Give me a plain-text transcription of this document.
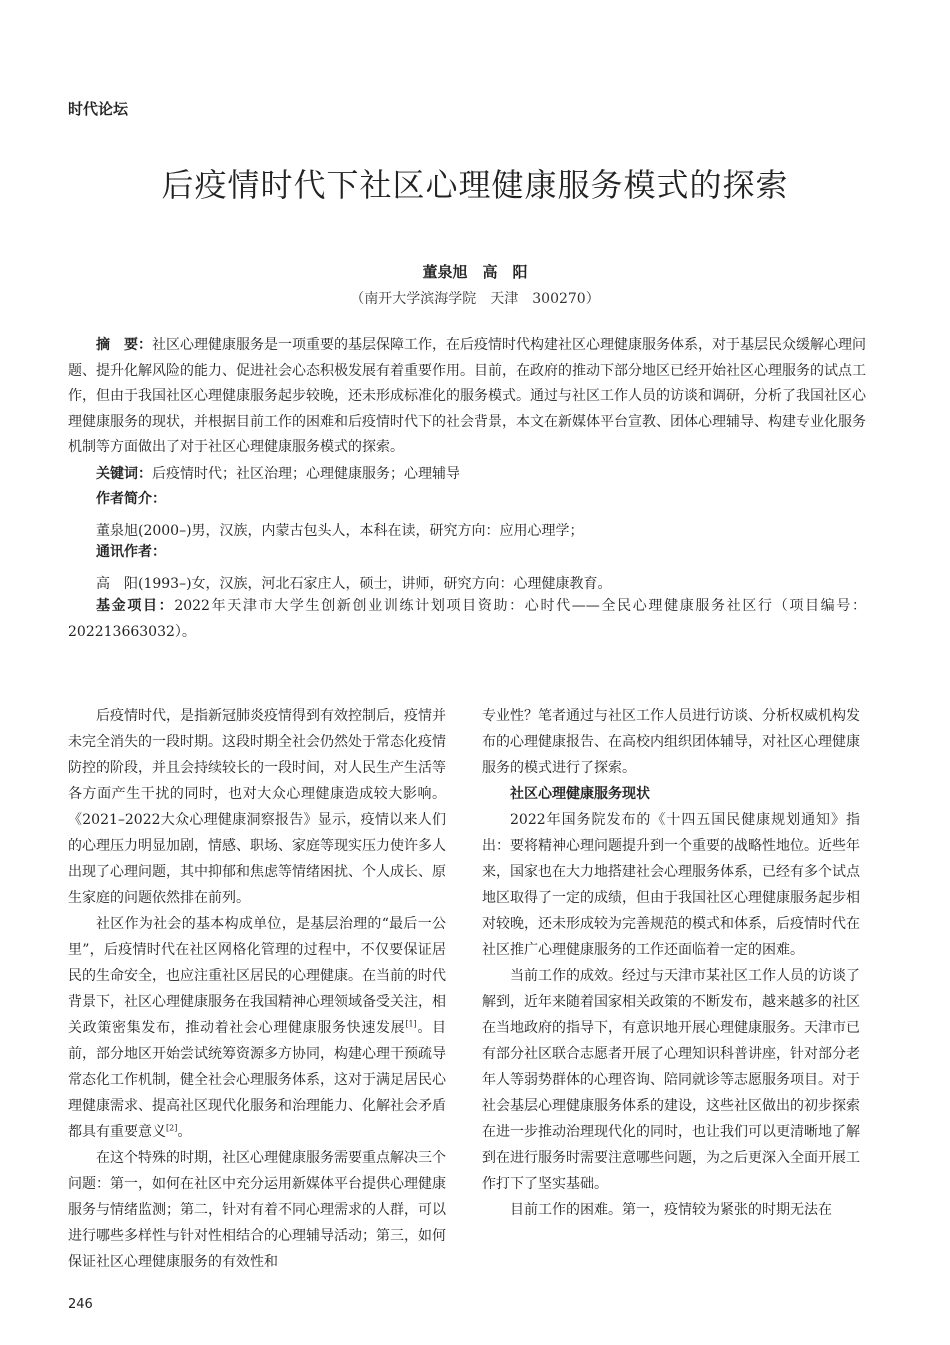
时代论坛
后疫情时代下社区心理健康服务模式的探索
董泉旭　高　阳
（南开大学滨海学院　天津　300270）
摘　要：社区心理健康服务是一项重要的基层保障工作，在后疫情时代构建社区心理健康服务体系，对于基层民众缓解心理问题、提升化解风险的能力、促进社会心态积极发展有着重要作用。目前，在政府的推动下部分地区已经开始社区心理服务的试点工作，但由于我国社区心理健康服务起步较晚，还未形成标准化的服务模式。通过与社区工作人员的访谈和调研，分析了我国社区心理健康服务的现状，并根据目前工作的困难和后疫情时代下的社会背景，本文在新媒体平台宣教、团体心理辅导、构建专业化服务机制等方面做出了对于社区心理健康服务模式的探索。
关键词：后疫情时代；社区治理；心理健康服务；心理辅导
作者简介：
董泉旭(2000–)男，汉族，内蒙古包头人，本科在读，研究方向：应用心理学；
通讯作者：
高　阳(1993–)女，汉族，河北石家庄人，硕士，讲师，研究方向：心理健康教育。
基金项目：2022年天津市大学生创新创业训练计划项目资助：心时代——全民心理健康服务社区行（项目编号：202213663032）。

后疫情时代，是指新冠肺炎疫情得到有效控制后，疫情并未完全消失的一段时期。这段时期全社会仍然处于常态化疫情防控的阶段，并且会持续较长的一段时间，对人民生产生活等各方面产生干扰的同时，也对大众心理健康造成较大影响。《2021–2022大众心理健康洞察报告》显示，疫情以来人们的心理压力明显加剧，情感、职场、家庭等现实压力使许多人出现了心理问题，其中抑郁和焦虑等情绪困扰、个人成长、原生家庭的问题依然排在前列。

社区作为社会的基本构成单位，是基层治理的“最后一公里”，后疫情时代在社区网格化管理的过程中，不仅要保证居民的生命安全，也应注重社区居民的心理健康。在当前的时代背景下，社区心理健康服务在我国精神心理领域备受关注，相关政策密集发布，推动着社会心理健康服务快速发展[1]。目前，部分地区开始尝试统筹资源多方协同，构建心理干预疏导常态化工作机制，健全社会心理服务体系，这对于满足居民心理健康需求、提高社区现代化服务和治理能力、化解社会矛盾都具有重要意义[2]。

在这个特殊的时期，社区心理健康服务需要重点解决三个问题：第一，如何在社区中充分运用新媒体平台提供心理健康服务与情绪监测；第二，针对有着不同心理需求的人群，可以进行哪些多样性与针对性相结合的心理辅导活动；第三，如何保证社区心理健康服务的有效性和

专业性？笔者通过与社区工作人员进行访谈、分析权威机构发布的心理健康报告、在高校内组织团体辅导，对社区心理健康服务的模式进行了探索。

社区心理健康服务现状

2022年国务院发布的《十四五国民健康规划通知》指出：要将精神心理问题提升到一个重要的战略性地位。近些年来，国家也在大力地搭建社会心理服务体系，已经有多个试点地区取得了一定的成绩，但由于我国社区心理健康服务起步相对较晚，还未形成较为完善规范的模式和体系，后疫情时代在社区推广心理健康服务的工作还面临着一定的困难。

当前工作的成效。经过与天津市某社区工作人员的访谈了解到，近年来随着国家相关政策的不断发布，越来越多的社区在当地政府的指导下，有意识地开展心理健康服务。天津市已有部分社区联合志愿者开展了心理知识科普讲座，针对部分老年人等弱势群体的心理咨询、陪同就诊等志愿服务项目。对于社会基层心理健康服务体系的建设，这些社区做出的初步探索在进一步推动治理现代化的同时，也让我们可以更清晰地了解到在进行服务时需要注意哪些问题，为之后更深入全面开展工作打下了坚实基础。

目前工作的困难。第一，疫情较为紧张的时期无法在

246
